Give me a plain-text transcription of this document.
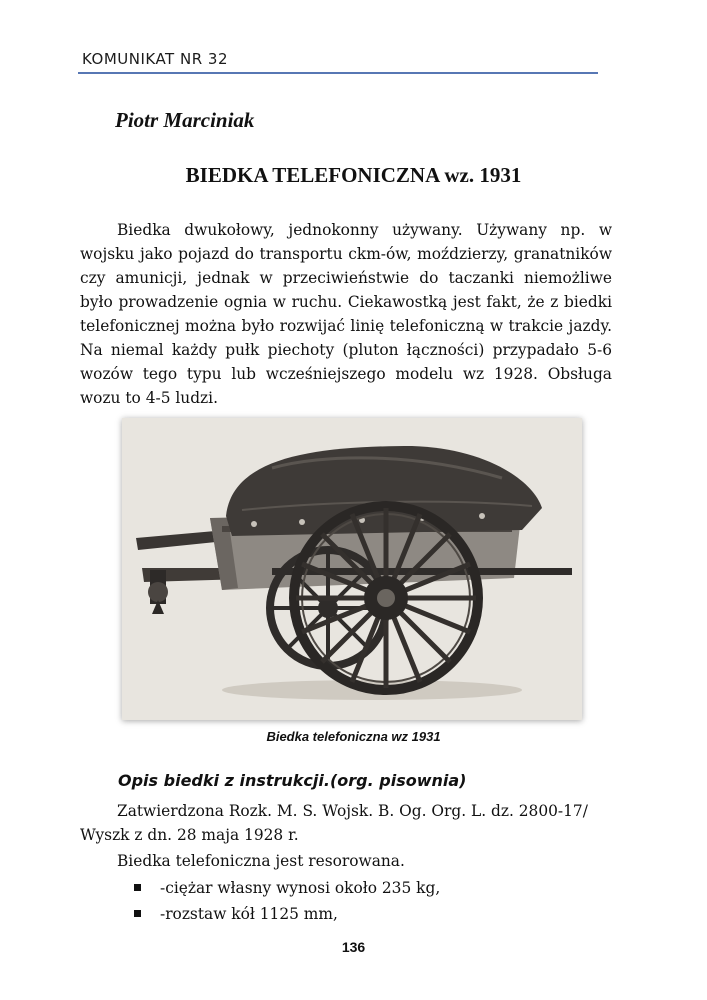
KOMUNIKAT NR 32
Piotr Marciniak
BIEDKA TELEFONICZNA wz. 1931

Biedka dwukołowy, jednokonny używany. Używany np. w wojsku jako pojazd do transportu ckm-ów, moździerzy, granatników czy amunicji, jednak w przeciwieństwie do taczanki niemożliwe było prowadzenie ognia w ruchu. Ciekawostką jest fakt, że z biedki telefonicznej można było rozwijać linię telefoniczną w trakcie jazdy. Na niemal każdy pułk piechoty (pluton łączności) przypadało 5-6 wozów tego typu lub wcześniejszego modelu wz 1928. Obsługa wozu to 4-5 ludzi.

Biedka telefoniczna wz 1931
Opis biedki z instrukcji.(org. pisownia)

Zatwierdzona Rozk. M. S. Wojsk. B. Og. Org. L. dz. 2800-17/ Wyszk z dn. 28 maja 1928 r.

Biedka telefoniczna jest resorowana.
-ciężar własny wynosi około 235 kg,
-rozstaw kół 1125 mm,
136
